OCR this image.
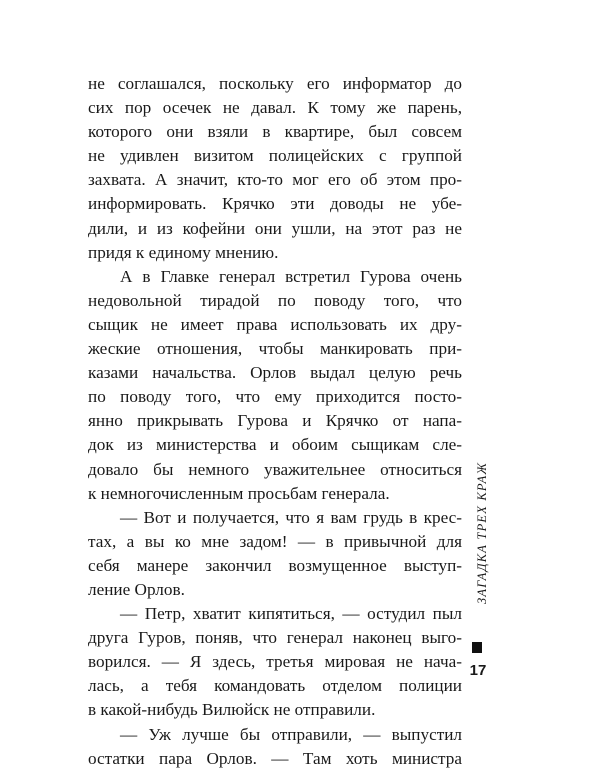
не соглашался, поскольку его информатор до
сих пор осечек не давал. К тому же парень,
которого они взяли в квартире, был совсем
не удивлен визитом полицейских с группой
захвата. А значит, кто-то мог его об этом про-
информировать. Крячко эти доводы не убе-
дили, и из кофейни они ушли, на этот раз не
придя к единому мнению.
А в Главке генерал встретил Гурова очень
недовольной тирадой по поводу того, что
сыщик не имеет права использовать их дру-
жеские отношения, чтобы манкировать при-
казами начальства. Орлов выдал целую речь
по поводу того, что ему приходится посто-
янно прикрывать Гурова и Крячко от напа-
док из министерства и обоим сыщикам сле-
довало бы немного уважительнее относиться
к немногочисленным просьбам генерала.
— Вот и получается, что я вам грудь в крес-
тах, а вы ко мне задом! — в привычной для
себя манере закончил возмущенное выступ-
ление Орлов.
— Петр, хватит кипятиться, — остудил пыл
друга Гуров, поняв, что генерал наконец выго-
ворился. — Я здесь, третья мировая не нача-
лась, а тебя командовать отделом полиции
в какой-нибудь Вилюйск не отправили.
— Уж лучше бы отправили, — выпустил
остатки пара Орлов. — Там хоть министра
ЗАГАДКА ТРЕХ КРАЖ
17
